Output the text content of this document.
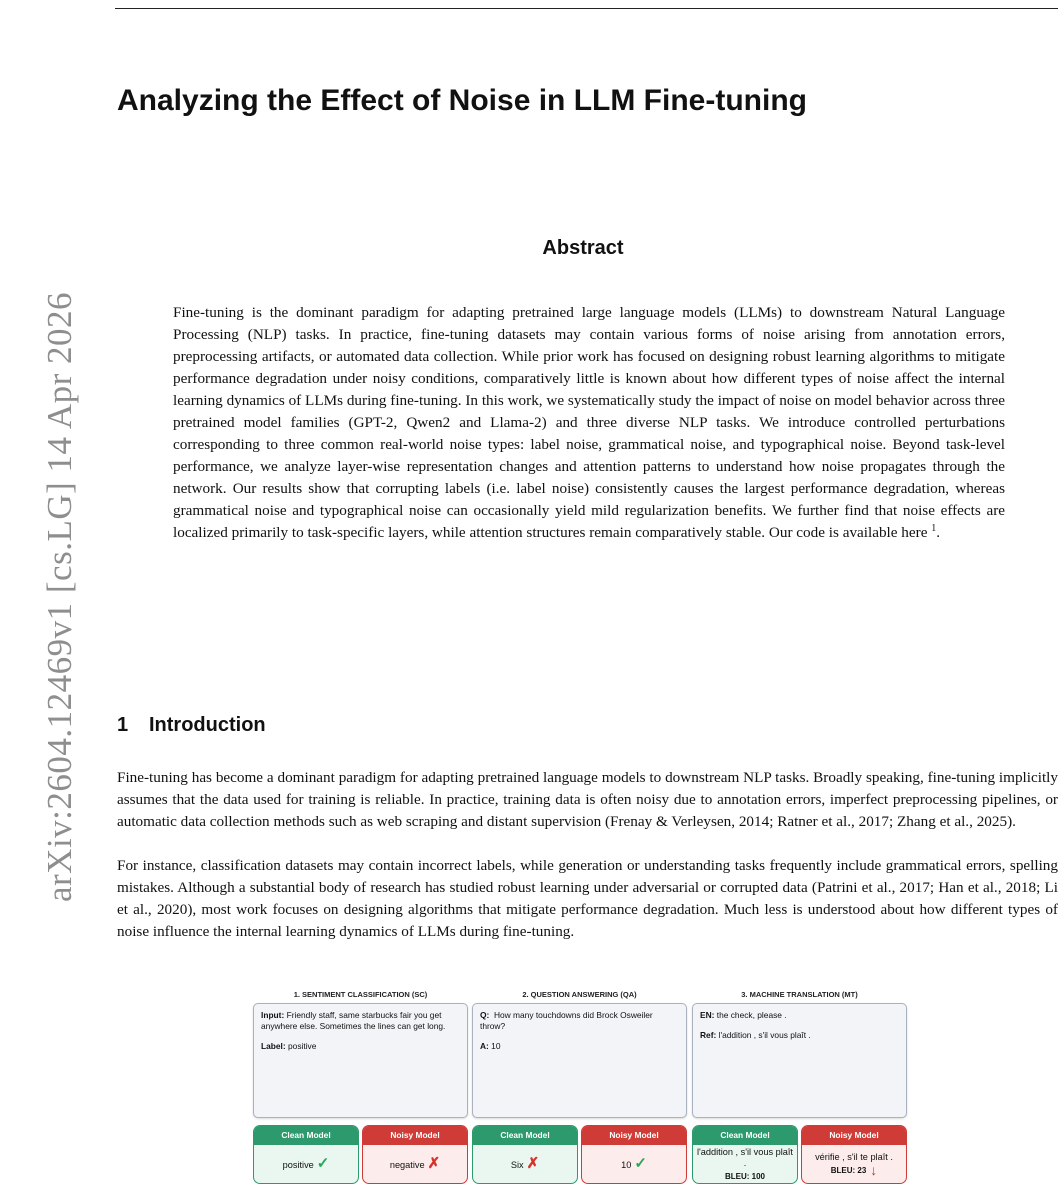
arXiv:2604.12469v1 [cs.LG] 14 Apr 2026
Analyzing the Effect of Noise in LLM Fine-tuning
Abstract

Fine-tuning is the dominant paradigm for adapting pretrained large language models (LLMs) to downstream Natural Language Processing (NLP) tasks. In practice, fine-tuning datasets may contain various forms of noise arising from annotation errors, preprocessing artifacts, or automated data collection. While prior work has focused on designing robust learning algorithms to mitigate performance degradation under noisy conditions, comparatively little is known about how different types of noise affect the internal learning dynamics of LLMs during fine-tuning. In this work, we systematically study the impact of noise on model behavior across three pretrained model families (GPT-2, Qwen2 and Llama-2) and three diverse NLP tasks. We introduce controlled perturbations corresponding to three common real-world noise types: label noise, grammatical noise, and typographical noise. Beyond task-level performance, we analyze layer-wise representation changes and attention patterns to understand how noise propagates through the network. Our results show that corrupting labels (i.e. label noise) consistently causes the largest performance degradation, whereas grammatical noise and typographical noise can occasionally yield mild regularization benefits. We further find that noise effects are localized primarily to task-specific layers, while attention structures remain comparatively stable. Our code is available here $^1$.

1 Introduction

Fine-tuning has become a dominant paradigm for adapting pretrained language models to downstream NLP tasks. Broadly speaking, fine-tuning implicitly assumes that the data used for training is reliable. In practice, training data is often noisy due to annotation errors, imperfect preprocessing pipelines, or automatic data collection methods such as web scraping and distant supervision (Frenay & Verleysen, 2014; Ratner et al., 2017; Zhang et al., 2025).

For instance, classification datasets may contain incorrect labels, while generation or understanding tasks frequently include grammatical errors, spelling mistakes. Although a substantial body of research has studied robust learning under adversarial or corrupted data (Patrini et al., 2017; Han et al., 2018; Li et al., 2020), most work focuses on designing algorithms that mitigate performance degradation. Much less is understood about how different types of noise influence the internal learning dynamics of LLMs during fine-tuning.

1. SENTIMENT CLASSIFICATION (SC)	2. QUESTION ANSWERING (QA)	3. MACHINE TRANSLATION (MT)
Input: Friendly staff, same starbucks fair you get anywhere else. Sometimes the lines can get long.
Label: positive
Q: How many touchdowns did Brock Osweiler throw?
A: 10
EN: the check, please .
Ref: l'addition , s'il vous plaît .
Clean Model
positive ✓
Noisy Model
negative ✗
Clean Model
Six ✗
Noisy Model
10 ✓
Clean Model
l'addition , s'il vous plaît .
BLEU: 100
Noisy Model
vérifie , s'il te plaît .
BLEU: 23 ↓
